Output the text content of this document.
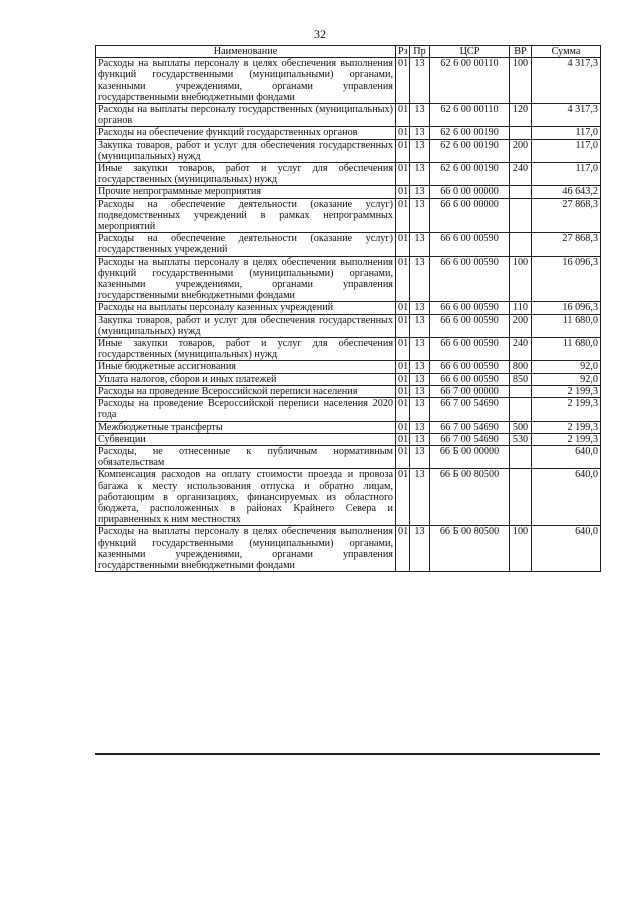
32
Наименование	Рз	Пр	ЦСР	ВР	Сумма
Расходы на выплаты персоналу в целях обеспечения выполнения функций государственными (муниципальными) органами, казенными учреждениями, органами управления государственными внебюджетными фондами	01	13	62 6 00 00110	100	4 317,3
Расходы на выплаты персоналу государственных (муниципальных) органов	01	13	62 6 00 00110	120	4 317,3
Расходы на обеспечение функций государственных органов	01	13	62 6 00 00190		117,0
Закупка товаров, работ и услуг для обеспечения государственных (муниципальных) нужд	01	13	62 6 00 00190	200	117,0
Иные закупки товаров, работ и услуг для обеспечения государственных (муниципальных) нужд	01	13	62 6 00 00190	240	117,0
Прочие непрограммные мероприятия	01	13	66 0 00 00000		46 643,2
Расходы на обеспечение деятельности (оказание услуг) подведомственных учреждений в рамках непрограммных мероприятий	01	13	66 6 00 00000		27 868,3
Расходы на обеспечение деятельности (оказание услуг) государственных учреждений	01	13	66 6 00 00590		27 868,3
Расходы на выплаты персоналу в целях обеспечения выполнения функций государственными (муниципальными) органами, казенными учреждениями, органами управления государственными внебюджетными фондами	01	13	66 6 00 00590	100	16 096,3
Расходы на выплаты персоналу казенных учреждений	01	13	66 6 00 00590	110	16 096,3
Закупка товаров, работ и услуг для обеспечения государственных (муниципальных) нужд	01	13	66 6 00 00590	200	11 680,0
Иные закупки товаров, работ и услуг для обеспечения государственных (муниципальных) нужд	01	13	66 6 00 00590	240	11 680,0
Иные бюджетные ассигнования	01	13	66 6 00 00590	800	92,0
Уплата налогов, сборов и иных платежей	01	13	66 6 00 00590	850	92,0
Расходы на проведение Всероссийской переписи населения	01	13	66 7 00 00000		2 199,3
Расходы на проведение Всероссийской переписи населения 2020 года	01	13	66 7 00 54690		2 199,3
Межбюджетные трансферты	01	13	66 7 00 54690	500	2 199,3
Субвенции	01	13	66 7 00 54690	530	2 199,3
Расходы, не отнесенные к публичным нормативным обязательствам	01	13	66 Б 00 00000		640,0
Компенсация расходов на оплату стоимости проезда и провоза багажа к месту использования отпуска и обратно лицам, работающим в организациях, финансируемых из областного бюджета, расположенных в районах Крайнего Севера и приравненных к ним местностях	01	13	66 Б 00 80500		640,0
Расходы на выплаты персоналу в целях обеспечения выполнения функций государственными (муниципальными) органами, казенными учреждениями, органами управления государственными внебюджетными фондами	01	13	66 Б 00 80500	100	640,0
